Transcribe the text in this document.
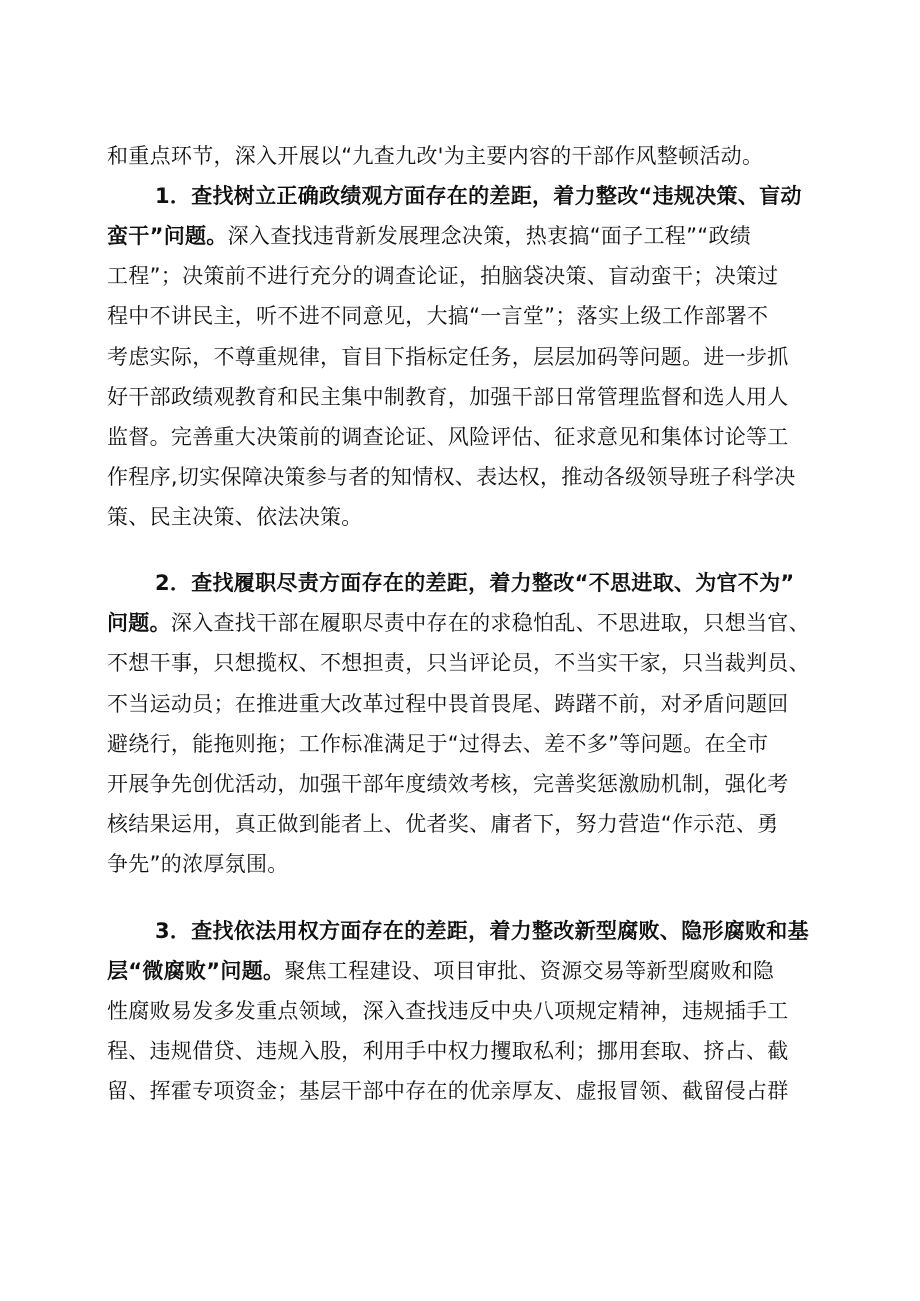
和重点环节，深入开展以“九查九改'为主要内容的干部作风整顿活动。
1．查找树立正确政绩观方面存在的差距，着力整改“违规决策、盲动
蛮干”问题。深入查找违背新发展理念决策，热衷搞“面子工程”“政绩
工程”；决策前不进行充分的调查论证，拍脑袋决策、盲动蛮干；决策过
程中不讲民主，听不进不同意见，大搞“一言堂”；落实上级工作部署不
考虑实际，不尊重规律，盲目下指标定任务，层层加码等问题。进一步抓
好干部政绩观教育和民主集中制教育，加强干部日常管理监督和选人用人
监督。完善重大决策前的调查论证、风险评估、征求意见和集体讨论等工
作程序,切实保障决策参与者的知情权、表达权，推动各级领导班子科学决
策、民主决策、依法决策。
2．查找履职尽责方面存在的差距，着力整改“不思进取、为官不为”
问题。深入查找干部在履职尽责中存在的求稳怕乱、不思进取，只想当官、
不想干事，只想揽权、不想担责，只当评论员，不当实干家，只当裁判员、
不当运动员；在推进重大改革过程中畏首畏尾、踌躇不前，对矛盾问题回
避绕行，能拖则拖；工作标准满足于“过得去、差不多”等问题。在全市
开展争先创优活动，加强干部年度绩效考核，完善奖惩激励机制，强化考
核结果运用，真正做到能者上、优者奖、庸者下，努力营造“作示范、勇
争先”的浓厚氛围。
3．查找依法用权方面存在的差距，着力整改新型腐败、隐形腐败和基
层“微腐败”问题。聚焦工程建设、项目审批、资源交易等新型腐败和隐
性腐败易发多发重点领域，深入查找违反中央八项规定精神，违规插手工
程、违规借贷、违规入股，利用手中权力攫取私利；挪用套取、挤占、截
留、挥霍专项资金；基层干部中存在的优亲厚友、虚报冒领、截留侵占群
